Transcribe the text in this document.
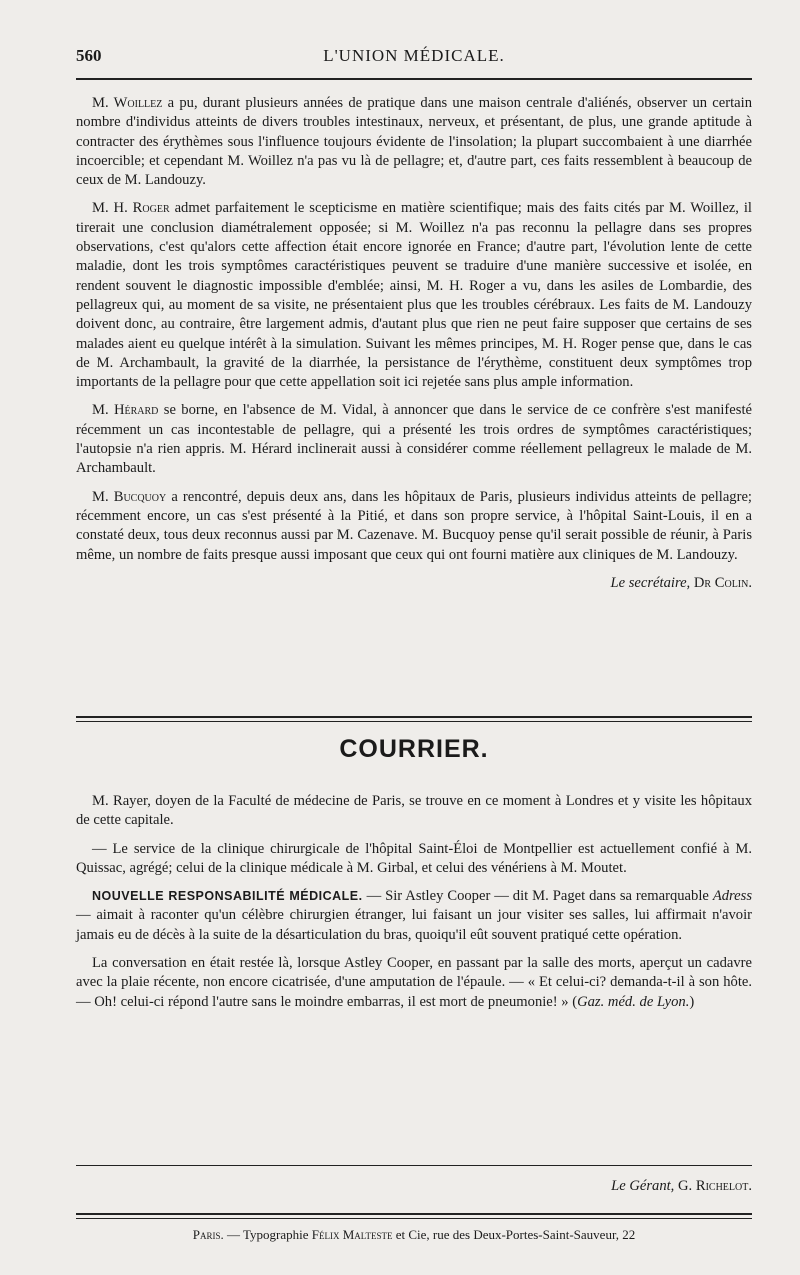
560	L'UNION MÉDICALE.

M. Woillez a pu, durant plusieurs années de pratique dans une maison centrale d'aliénés, observer un certain nombre d'individus atteints de divers troubles intestinaux, nerveux, et présentant, de plus, une grande aptitude à contracter des érythèmes sous l'influence toujours évidente de l'insolation; la plupart succombaient à une diarrhée incoercible; et cependant M. Woillez n'a pas vu là de pellagre; et, d'autre part, ces faits ressemblent à beaucoup de ceux de M. Landouzy.

M. H. Roger admet parfaitement le scepticisme en matière scientifique; mais des faits cités par M. Woillez, il tirerait une conclusion diamétralement opposée; si M. Woillez n'a pas reconnu la pellagre dans ses propres observations, c'est qu'alors cette affection était encore ignorée en France; d'autre part, l'évolution lente de cette maladie, dont les trois symptômes caractéristiques peuvent se traduire d'une manière successive et isolée, en rendent souvent le diagnostic impossible d'emblée; ainsi, M. H. Roger a vu, dans les asiles de Lombardie, des pellagreux qui, au moment de sa visite, ne présentaient plus que les troubles cérébraux. Les faits de M. Landouzy doivent donc, au contraire, être largement admis, d'autant plus que rien ne peut faire supposer que certains de ses malades aient eu quelque intérêt à la simulation. Suivant les mêmes principes, M. H. Roger pense que, dans le cas de M. Archambault, la gravité de la diarrhée, la persistance de l'érythème, constituent deux symptômes trop importants de la pellagre pour que cette appellation soit ici rejetée sans plus ample information.

M. Hérard se borne, en l'absence de M. Vidal, à annoncer que dans le service de ce confrère s'est manifesté récemment un cas incontestable de pellagre, qui a présenté les trois ordres de symptômes caractéristiques; l'autopsie n'a rien appris. M. Hérard inclinerait aussi à considérer comme réellement pellagreux le malade de M. Archambault.

M. Bucquoy a rencontré, depuis deux ans, dans les hôpitaux de Paris, plusieurs individus atteints de pellagre; récemment encore, un cas s'est présenté à la Pitié, et dans son propre service, à l'hôpital Saint-Louis, il en a constaté deux, tous deux reconnus aussi par M. Cazenave. M. Bucquoy pense qu'il serait possible de réunir, à Paris même, un nombre de faits presque aussi imposant que ceux qui ont fourni matière aux cliniques de M. Landouzy.

Le secrétaire, Dr Colin.

COURRIER.

M. Rayer, doyen de la Faculté de médecine de Paris, se trouve en ce moment à Londres et y visite les hôpitaux de cette capitale.

— Le service de la clinique chirurgicale de l'hôpital Saint-Éloi de Montpellier est actuellement confié à M. Quissac, agrégé; celui de la clinique médicale à M. Girbal, et celui des vénériens à M. Moutet.

NOUVELLE RESPONSABILITÉ MÉDICALE. — Sir Astley Cooper — dit M. Paget dans sa remarquable Adress — aimait à raconter qu'un célèbre chirurgien étranger, lui faisant un jour visiter ses salles, lui affirmait n'avoir jamais eu de décès à la suite de la désarticulation du bras, quoiqu'il eût souvent pratiqué cette opération.

La conversation en était restée là, lorsque Astley Cooper, en passant par la salle des morts, aperçut un cadavre avec la plaie récente, non encore cicatrisée, d'une amputation de l'épaule. — « Et celui-ci? demanda-t-il à son hôte. — Oh! celui-ci répond l'autre sans le moindre embarras, il est mort de pneumonie! » (Gaz. méd. de Lyon.)

Le Gérant, G. Richelot.
Paris. — Typographie Félix Malteste et Cie, rue des Deux-Portes-Saint-Sauveur, 22
